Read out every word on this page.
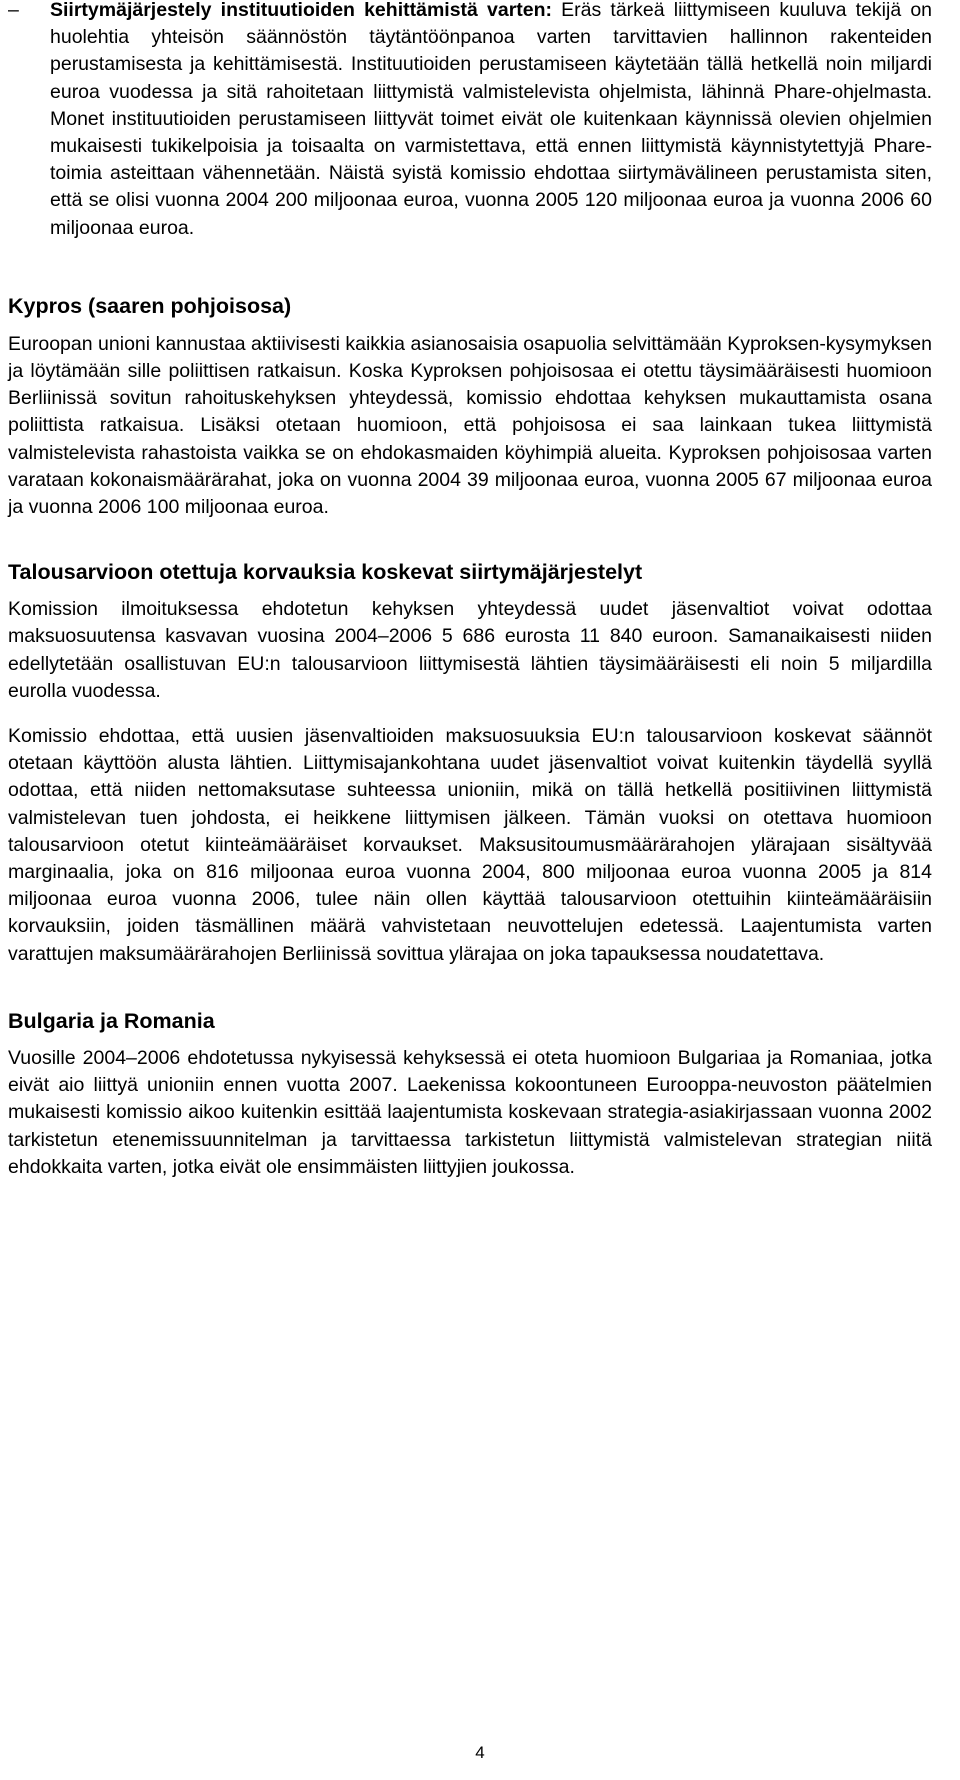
–	Siirtymäjärjestely instituutioiden kehittämistä varten: Eräs tärkeä liittymiseen kuuluva tekijä on huolehtia yhteisön säännöstön täytäntöönpanoa varten tarvittavien hallinnon rakenteiden perustamisesta ja kehittämisestä. Instituutioiden perustamiseen käytetään tällä hetkellä noin miljardi euroa vuodessa ja sitä rahoitetaan liittymistä valmistelevista ohjelmista, lähinnä Phare-ohjelmasta. Monet instituutioiden perustamiseen liittyvät toimet eivät ole kuitenkaan käynnissä olevien ohjelmien mukaisesti tukikelpoisia ja toisaalta on varmistettava, että ennen liittymistä käynnistytettyjä Phare-toimia asteittaan vähennetään. Näistä syistä komissio ehdottaa siirtymävälineen perustamista siten, että se olisi vuonna 2004 200 miljoonaa euroa, vuonna 2005 120 miljoonaa euroa ja vuonna 2006 60 miljoonaa euroa.

Kypros (saaren pohjoisosa)

Euroopan unioni kannustaa aktiivisesti kaikkia asianosaisia osapuolia selvittämään Kyproksen-kysymyksen ja löytämään sille poliittisen ratkaisun. Koska Kyproksen pohjoisosaa ei otettu täysimääräisesti huomioon Berliinissä sovitun rahoituskehyksen yhteydessä, komissio ehdottaa kehyksen mukauttamista osana poliittista ratkaisua. Lisäksi otetaan huomioon, että pohjoisosa ei saa lainkaan tukea liittymistä valmistelevista rahastoista vaikka se on ehdokasmaiden köyhimpiä alueita. Kyproksen pohjoisosaa varten varataan kokonaismäärärahat, joka on vuonna 2004 39 miljoonaa euroa, vuonna 2005 67 miljoonaa euroa ja vuonna 2006 100 miljoonaa euroa.

Talousarvioon otettuja korvauksia koskevat siirtymäjärjestelyt

Komission ilmoituksessa ehdotetun kehyksen yhteydessä uudet jäsenvaltiot voivat odottaa maksuosuutensa kasvavan vuosina 2004–2006 5 686 eurosta 11 840 euroon. Samanaikaisesti niiden edellytetään osallistuvan EU:n talousarvioon liittymisestä lähtien täysimääräisesti eli noin 5 miljardilla eurolla vuodessa.

Komissio ehdottaa, että uusien jäsenvaltioiden maksuosuuksia EU:n talousarvioon koskevat säännöt otetaan käyttöön alusta lähtien. Liittymisajankohtana uudet jäsenvaltiot voivat kuitenkin täydellä syyllä odottaa, että niiden nettomaksutase suhteessa unioniin, mikä on tällä hetkellä positiivinen liittymistä valmistelevan tuen johdosta, ei heikkene liittymisen jälkeen. Tämän vuoksi on otettava huomioon talousarvioon otetut kiinteämääräiset korvaukset. Maksusitoumusmäärärahojen ylärajaan sisältyvää marginaalia, joka on 816 miljoonaa euroa vuonna 2004, 800 miljoonaa euroa vuonna 2005 ja 814 miljoonaa euroa vuonna 2006, tulee näin ollen käyttää talousarvioon otettuihin kiinteämääräisiin korvauksiin, joiden täsmällinen määrä vahvistetaan neuvottelujen edetessä. Laajentumista varten varattujen maksumäärärahojen Berliinissä sovittua ylärajaa on joka tapauksessa noudatettava.

Bulgaria ja Romania

Vuosille 2004–2006 ehdotetussa nykyisessä kehyksessä ei oteta huomioon Bulgariaa ja Romaniaa, jotka eivät aio liittyä unioniin ennen vuotta 2007. Laekenissa kokoontuneen Eurooppa-neuvoston päätelmien mukaisesti komissio aikoo kuitenkin esittää laajentumista koskevaan strategia-asiakirjassaan vuonna 2002 tarkistetun etenemissuunnitelman ja tarvittaessa tarkistetun liittymistä valmistelevan strategian niitä ehdokkaita varten, jotka eivät ole ensimmäisten liittyjien joukossa.

4
